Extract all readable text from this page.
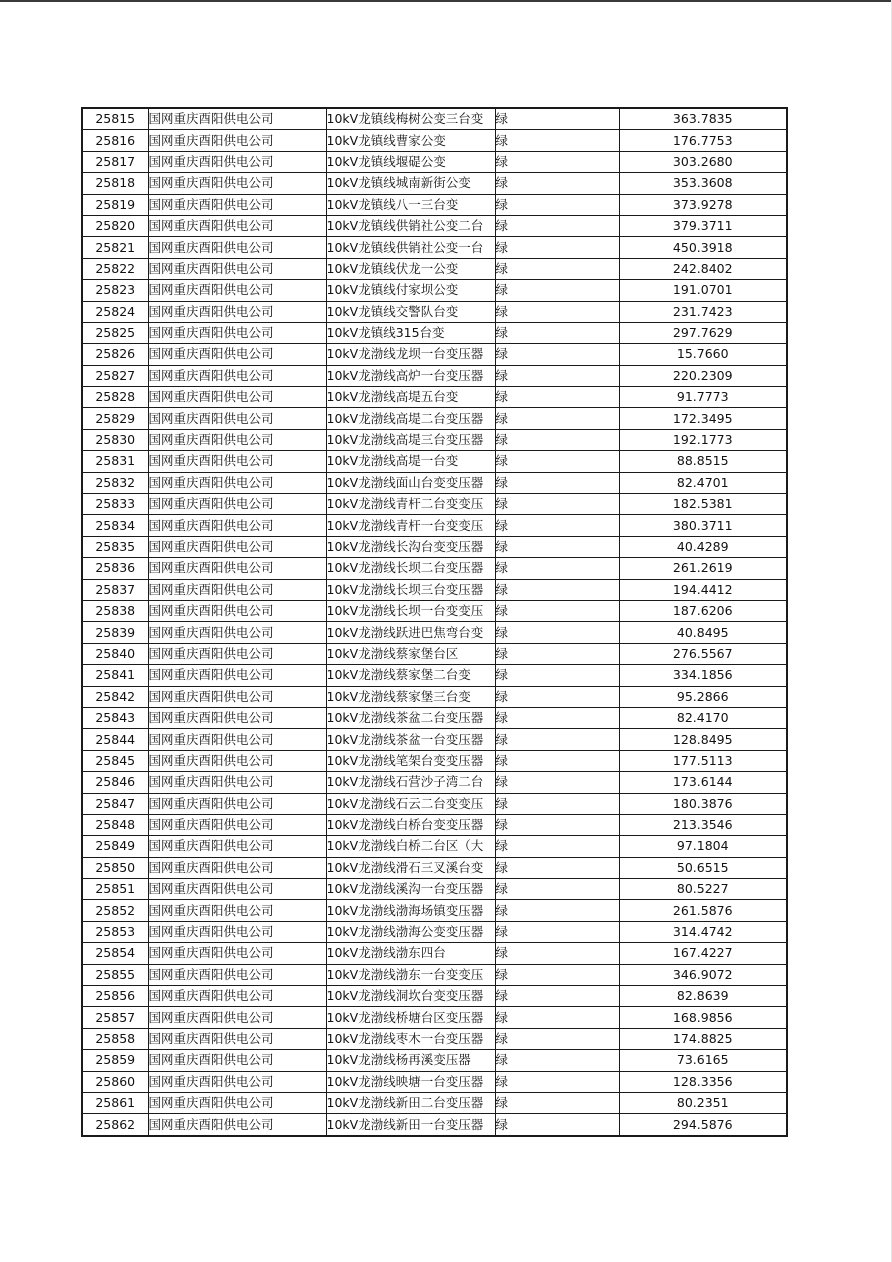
25815	国网重庆酉阳供电公司	10kV龙镇线梅树公变三台变	绿	363.7835
25816	国网重庆酉阳供电公司	10kV龙镇线曹家公变	绿	176.7753
25817	国网重庆酉阳供电公司	10kV龙镇线堰碮公变	绿	303.2680
25818	国网重庆酉阳供电公司	10kV龙镇线城南新街公变	绿	353.3608
25819	国网重庆酉阳供电公司	10kV龙镇线八一三台变	绿	373.9278
25820	国网重庆酉阳供电公司	10kV龙镇线供销社公变二台	绿	379.3711
25821	国网重庆酉阳供电公司	10kV龙镇线供销社公变一台	绿	450.3918
25822	国网重庆酉阳供电公司	10kV龙镇线伏龙一公变	绿	242.8402
25823	国网重庆酉阳供电公司	10kV龙镇线付家坝公变	绿	191.0701
25824	国网重庆酉阳供电公司	10kV龙镇线交警队台变	绿	231.7423
25825	国网重庆酉阳供电公司	10kV龙镇线315台变	绿	297.7629
25826	国网重庆酉阳供电公司	10kV龙渤线龙坝一台变压器	绿	15.7660
25827	国网重庆酉阳供电公司	10kV龙渤线高炉一台变压器	绿	220.2309
25828	国网重庆酉阳供电公司	10kV龙渤线高堤五台变	绿	91.7773
25829	国网重庆酉阳供电公司	10kV龙渤线高堤二台变压器	绿	172.3495
25830	国网重庆酉阳供电公司	10kV龙渤线高堤三台变压器	绿	192.1773
25831	国网重庆酉阳供电公司	10kV龙渤线高堤一台变	绿	88.8515
25832	国网重庆酉阳供电公司	10kV龙渤线面山台变变压器	绿	82.4701
25833	国网重庆酉阳供电公司	10kV龙渤线青杆二台变变压	绿	182.5381
25834	国网重庆酉阳供电公司	10kV龙渤线青杆一台变变压	绿	380.3711
25835	国网重庆酉阳供电公司	10kV龙渤线长沟台变变压器	绿	40.4289
25836	国网重庆酉阳供电公司	10kV龙渤线长坝二台变压器	绿	261.2619
25837	国网重庆酉阳供电公司	10kV龙渤线长坝三台变压器	绿	194.4412
25838	国网重庆酉阳供电公司	10kV龙渤线长坝一台变变压	绿	187.6206
25839	国网重庆酉阳供电公司	10kV龙渤线跃进巴焦弯台变	绿	40.8495
25840	国网重庆酉阳供电公司	10kV龙渤线蔡家堡台区	绿	276.5567
25841	国网重庆酉阳供电公司	10kV龙渤线蔡家堡二台变	绿	334.1856
25842	国网重庆酉阳供电公司	10kV龙渤线蔡家堡三台变	绿	95.2866
25843	国网重庆酉阳供电公司	10kV龙渤线茶盆二台变压器	绿	82.4170
25844	国网重庆酉阳供电公司	10kV龙渤线茶盆一台变压器	绿	128.8495
25845	国网重庆酉阳供电公司	10kV龙渤线笔架台变变压器	绿	177.5113
25846	国网重庆酉阳供电公司	10kV龙渤线石营沙子湾二台	绿	173.6144
25847	国网重庆酉阳供电公司	10kV龙渤线石云二台变变压	绿	180.3876
25848	国网重庆酉阳供电公司	10kV龙渤线白桥台变变压器	绿	213.3546
25849	国网重庆酉阳供电公司	10kV龙渤线白桥二台区（大	绿	97.1804
25850	国网重庆酉阳供电公司	10kV龙渤线滑石三叉溪台变	绿	50.6515
25851	国网重庆酉阳供电公司	10kV龙渤线溪沟一台变压器	绿	80.5227
25852	国网重庆酉阳供电公司	10kV龙渤线渤海场镇变压器	绿	261.5876
25853	国网重庆酉阳供电公司	10kV龙渤线渤海公变变压器	绿	314.4742
25854	国网重庆酉阳供电公司	10kV龙渤线渤东四台	绿	167.4227
25855	国网重庆酉阳供电公司	10kV龙渤线渤东一台变变压	绿	346.9072
25856	国网重庆酉阳供电公司	10kV龙渤线洞坎台变变压器	绿	82.8639
25857	国网重庆酉阳供电公司	10kV龙渤线桥塘台区变压器	绿	168.9856
25858	国网重庆酉阳供电公司	10kV龙渤线枣木一台变压器	绿	174.8825
25859	国网重庆酉阳供电公司	10kV龙渤线杨再溪变压器	绿	73.6165
25860	国网重庆酉阳供电公司	10kV龙渤线映塘一台变压器	绿	128.3356
25861	国网重庆酉阳供电公司	10kV龙渤线新田二台变压器	绿	80.2351
25862	国网重庆酉阳供电公司	10kV龙渤线新田一台变压器	绿	294.5876
